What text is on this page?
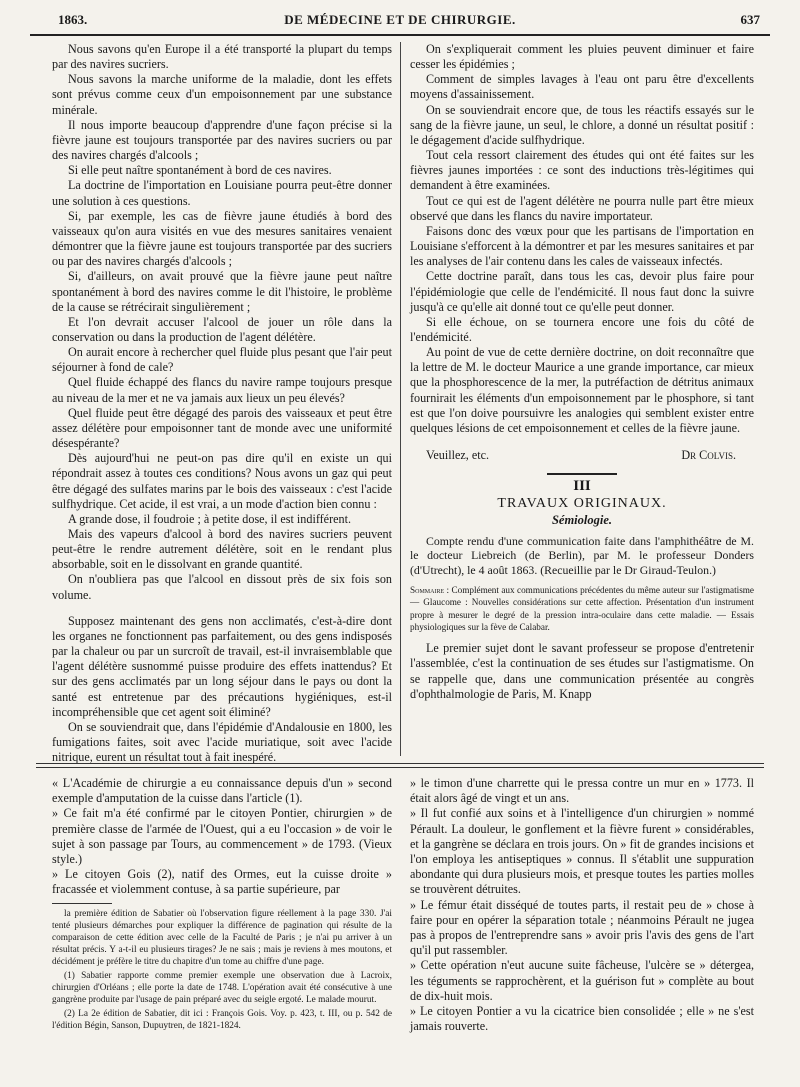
1863.	DE MÉDECINE ET DE CHIRURGIE.	637

Nous savons qu'en Europe il a été transporté la plupart du temps par des navires sucriers.

Nous savons la marche uniforme de la maladie, dont les effets sont prévus comme ceux d'un empoisonnement par une substance minérale.

Il nous importe beaucoup d'apprendre d'une façon précise si la fièvre jaune est toujours transportée par des navires sucriers ou par des navires chargés d'alcools ;

Si elle peut naître spontanément à bord de ces navires.

La doctrine de l'importation en Louisiane pourra peut-être donner une solution à ces questions.

Si, par exemple, les cas de fièvre jaune étudiés à bord des vaisseaux qu'on aura visités en vue des mesures sanitaires venaient démontrer que la fièvre jaune est toujours transportée par des sucriers ou par des navires chargés d'alcools ;

Si, d'ailleurs, on avait prouvé que la fièvre jaune peut naître spontanément à bord des navires comme le dit l'histoire, le problème de la cause se rétrécirait singulièrement ;

Et l'on devrait accuser l'alcool de jouer un rôle dans la conservation ou dans la production de l'agent délétère.

On aurait encore à rechercher quel fluide plus pesant que l'air peut séjourner à fond de cale?

Quel fluide échappé des flancs du navire rampe toujours presque au niveau de la mer et ne va jamais aux lieux un peu élevés?

Quel fluide peut être dégagé des parois des vaisseaux et peut être assez délétère pour empoisonner tant de monde avec une uniformité désespérante?

Dès aujourd'hui ne peut-on pas dire qu'il en existe un qui répondrait assez à toutes ces conditions? Nous avons un gaz qui peut être dégagé des sulfates marins par le bois des vaisseaux : c'est l'acide sulfhydrique. Cet acide, il est vrai, a un mode d'action bien connu :

A grande dose, il foudroie ; à petite dose, il est indifférent.

Mais des vapeurs d'alcool à bord des navires sucriers peuvent peut-être le rendre autrement délétère, soit en le rendant plus absorbable, soit en le dissolvant en grande quantité.

On n'oubliera pas que l'alcool en dissout près de six fois son volume.

Supposez maintenant des gens non acclimatés, c'est-à-dire dont les organes ne fonctionnent pas parfaitement, ou des gens indisposés par la chaleur ou par un surcroît de travail, est-il invraisemblable que l'agent délétère susnommé puisse produire des effets inattendus? Et sur des gens acclimatés par un long séjour dans le pays ou dont la santé est entretenue par des précautions hygiéniques, est-il incompréhensible que cet agent soit éliminé?

On se souviendrait que, dans l'épidémie d'Andalousie en 1800, les fumigations faites, soit avec l'acide muriatique, soit avec l'acide nitrique, eurent un résultat tout à fait inespéré.

On s'expliquerait comment les pluies peuvent diminuer et faire cesser les épidémies ;

Comment de simples lavages à l'eau ont paru être d'excellents moyens d'assainissement.

On se souviendrait encore que, de tous les réactifs essayés sur le sang de la fièvre jaune, un seul, le chlore, a donné un résultat positif : le dégagement d'acide sulfhydrique.

Tout cela ressort clairement des études qui ont été faites sur les fièvres jaunes importées : ce sont des inductions très-légitimes qui demandent à être examinées.

Tout ce qui est de l'agent délétère ne pourra nulle part être mieux observé que dans les flancs du navire importateur.

Faisons donc des vœux pour que les partisans de l'importation en Louisiane s'efforcent à la démontrer et par les mesures sanitaires et par les analyses de l'air contenu dans les cales de vaisseaux infectés.

Cette doctrine paraît, dans tous les cas, devoir plus faire pour l'épidémiologie que celle de l'endémicité. Il nous faut donc la suivre jusqu'à ce qu'elle ait donné tout ce qu'elle peut donner.

Si elle échoue, on se tournera encore une fois du côté de l'endémicité.

Au point de vue de cette dernière doctrine, on doit reconnaître que la lettre de M. le docteur Maurice a une grande importance, car mieux que la phosphorescence de la mer, la putréfaction de détritus animaux fournirait les éléments d'un empoisonnement par le phosphore, si tant est que l'on doive poursuivre les analogies qui semblent exister entre quelques lésions de cet empoisonnement et celles de la fièvre jaune.

Veuillez, etc.	Dr Colvis.
III
TRAVAUX ORIGINAUX.
Sémiologie.
Compte rendu d'une communication faite dans l'amphithéâtre de M. le docteur Liebreich (de Berlin), par M. le professeur Donders (d'Utrecht), le 4 août 1863. (Recueillie par le Dr Giraud-Teulon.)
Sommaire : Complément aux communications précédentes du même auteur sur l'astigmatisme — Glaucome : Nouvelles considérations sur cette affection. Présentation d'un instrument propre à mesurer le degré de la pression intra-oculaire dans cette maladie. — Essais physiologiques sur la fève de Calabar.

Le premier sujet dont le savant professeur se propose d'entretenir l'assemblée, c'est la continuation de ses études sur l'astigmatisme. On se rappelle que, dans une communication présentée au congrès d'ophthalmologie de Paris, M. Knapp

« L'Académie de chirurgie a eu connaissance depuis d'un » second exemple d'amputation de la cuisse dans l'article (1).

» Ce fait m'a été confirmé par le citoyen Pontier, chirurgien » de première classe de l'armée de l'Ouest, qui a eu l'occasion » de voir le sujet à son passage par Tours, au commencement » de 1793. (Vieux style.)

» Le citoyen Gois (2), natif des Ormes, eut la cuisse droite » fracassée et violemment contuse, à sa partie supérieure, par

la première édition de Sabatier où l'observation figure réellement à la page 330. J'ai tenté plusieurs démarches pour expliquer la différence de pagination qui résulte de la comparaison de cette édition avec celle de la Faculté de Paris ; je n'ai pu arriver à un résultat précis. Y a-t-il eu plusieurs tirages? Je ne sais ; mais je reviens à mes moutons, et décidément je préfère le titre du chapitre d'un tome au chiffre d'une page.

(1) Sabatier rapporte comme premier exemple une observation due à Lacroix, chirurgien d'Orléans ; elle porte la date de 1748. L'opération avait été consécutive à une gangrène produite par l'usage de pain préparé avec du seigle ergoté. Le malade mourut.

(2) La 2e édition de Sabatier, dit ici : François Gois. Voy. p. 423, t. III, ou p. 542 de l'édition Bégin, Sanson, Dupuytren, de 1821-1824.

» le timon d'une charrette qui le pressa contre un mur en » 1773. Il était alors âgé de vingt et un ans.

» Il fut confié aux soins et à l'intelligence d'un chirurgien » nommé Pérault. La douleur, le gonflement et la fièvre furent » considérables, et la gangrène se déclara en trois jours. On » fit de grandes incisions et l'on employa les antiseptiques » connus. Il s'établit une suppuration abondante qui dura plusieurs mois, et presque toutes les parties molles se trouvèrent détruites.

» Le fémur était disséqué de toutes parts, il restait peu de » chose à faire pour en opérer la séparation totale ; néanmoins Pérault ne jugea pas à propos de l'entreprendre sans » avoir pris l'avis des gens de l'art qu'il put rassembler.

» Cette opération n'eut aucune suite fâcheuse, l'ulcère se » détergea, les téguments se rapprochèrent, et la guérison fut » complète au bout de dix-huit mois.

» Le citoyen Pontier a vu la cicatrice bien consolidée ; elle » ne s'est jamais rouverte.
